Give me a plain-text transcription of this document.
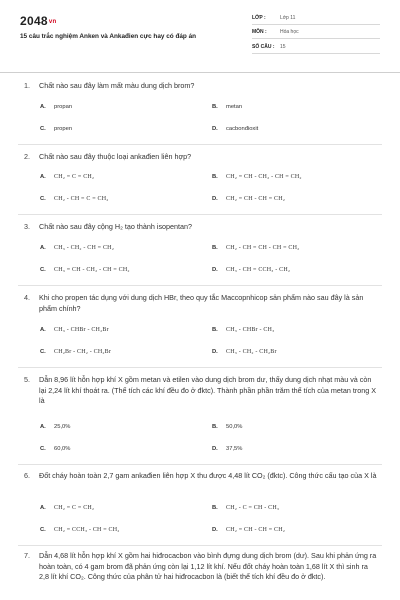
2048vn
15 câu trắc nghiệm Anken và Ankađien cực hay có đáp án
LỚP :	Lớp 11
MÔN :	Hóa học
SỐ CÂU : 15
1. Chất nào sau đây làm mất màu dung dịch brom?
A. propan	B. metan
C. propen	D. cacbonđioxit
2. Chất nào sau đây thuộc loại ankađien liên hợp?
A. CH₂ = C = CH₂	B. CH₂ = CH - CH₂ - CH = CH₂
C. CH₂ - CH = C = CH₂	D. CH₂ = CH - CH = CH₂
3. Chất nào sau đây cộng H₂ tạo thành isopentan?
A. CH₃ - CH₂ - CH = CH₂	B. CH₂ - CH = CH - CH = CH₂
C. CH₃ = CH - CH₂ - CH = CH₂	D. CH₃ - CH = CCH₃ - CH₂
4. Khi cho propen tác dụng với dung dịch HBr, theo quy tắc Maccopnhicop sản phẩm nào sau đây là sản phẩm chính?
A. CH₃ - CHBr - CH₂Br	B. CH₃ - CHBr - CH₃
C. CH₂Br - CH₂ - CH₂Br	D. CH₃ - CH₂ - CH₂Br
5. Dẫn 8,96 lít hỗn hợp khí X gồm metan và etilen vào dung dịch brom dư, thấy dung dịch nhạt màu và còn lại 2,24 lít khí thoát ra. (Thể tích các khí đều đo ở đktc). Thành phần phần trăm thể tích của metan trong X là
A. 25,0%	B. 50,0%
C. 60,0%	D. 37,5%
6. Đốt cháy hoàn toàn 2,7 gam ankađien liên hợp X thu được 4,48 lít CO₂ (đktc). Công thức cấu tạo của X là
A. CH₂ = C = CH₂	B. CH₂ - C = CH - CH₃
C. CH₂ = CCH₃ - CH = CH₂	D. CH₂ = CH - CH = CH₂
7. Dẫn 4,68 lít hỗn hợp khí X gồm hai hiđrocacbon vào bình đựng dung dịch brom (dư). Sau khi phản ứng ra hoàn toàn, có 4 gam brom đã phản ứng còn lại 1,12 lít khí. Nếu đốt cháy hoàn toàn 1,68 lít X thì sinh ra 2,8 lít khí CO₂. Công thức của phân tử hai hiđrocacbon là (biết thể tích khí đều đo ở đktc).
